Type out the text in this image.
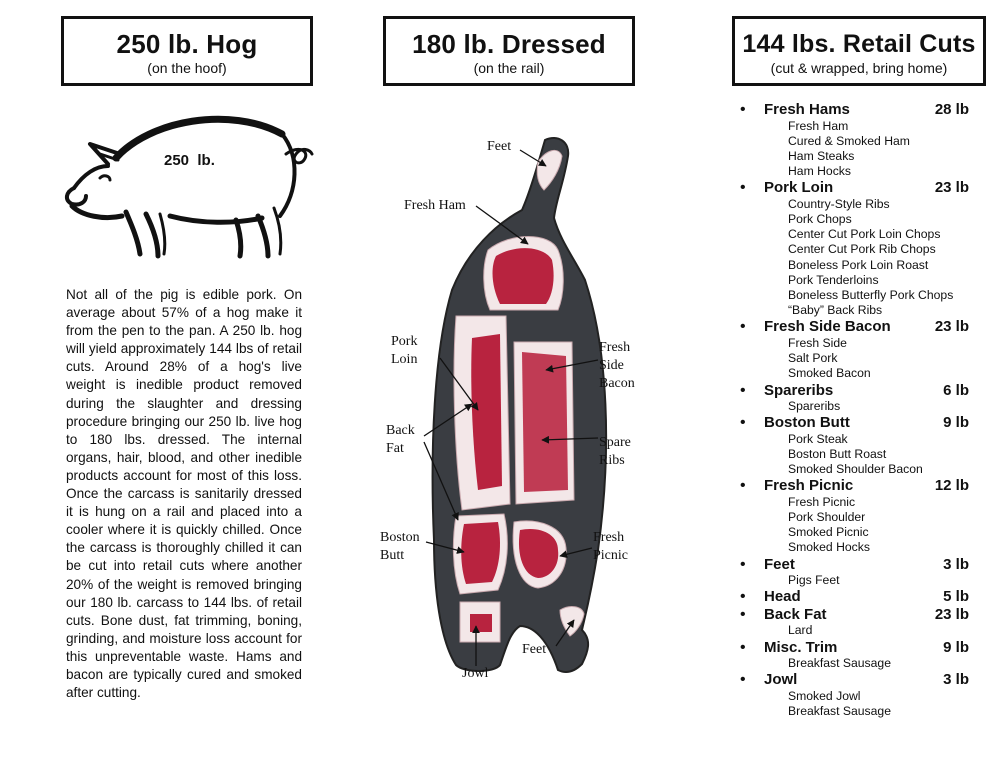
250 lb. Hog
(on the hoof)
180 lb. Dressed
(on the rail)
144 lbs. Retail Cuts
(cut & wrapped, bring home)
250  lb.

Not all of the pig is edible pork. On average about 57% of a hog make it from the pen to the pan. A 250 lb. hog will yield approximately 144 lbs of retail cuts. Around 28% of a hog's live weight is inedible product removed during the slaughter and dressing procedure bringing our 250 lb. live hog to 180 lbs. dressed. The internal organs, hair, blood, and other inedible products account for most of this loss. Once the carcass is sanitarily dressed it is hung on a rail and placed into a cooler where it is quickly chilled. Once the carcass is thoroughly chilled it can be cut into retail cuts where another 20% of the weight is removed bringing our 180 lb. carcass to 144 lbs. of retail cuts. Bone dust, fat trimming, boning, grinding, and moisture loss account for this unpreventable waste. Hams and bacon are typically cured and smoked after cutting.

Feet
Fresh Ham
Pork
Loin
Fresh
Side
Bacon
Back
Fat	Spare
Ribs
Boston
Butt
Fresh
Picnic
Feet
Jowl
• Fresh Hams	28 lb
Fresh Ham
Cured & Smoked Ham
Ham Steaks
Ham Hocks
• Pork Loin	23 lb
Country-Style Ribs
Pork Chops
Center Cut Pork Loin Chops
Center Cut Pork Rib Chops
Boneless Pork Loin Roast
Pork Tenderloins
Boneless Butterfly Pork Chops
“Baby” Back Ribs
• Fresh Side Bacon	23 lb
Fresh Side
Salt Pork
Smoked Bacon
• Spareribs	6 lb
Spareribs
• Boston Butt	9 lb
Pork Steak
Boston Butt Roast
Smoked Shoulder Bacon
• Fresh Picnic	12 lb
Fresh Picnic
Pork Shoulder
Smoked Picnic
Smoked Hocks
• Feet	3 lb
Pigs Feet
• Head	5 lb
• Back Fat	23 lb
Lard
• Misc. Trim	9 lb
Breakfast Sausage
• Jowl	3 lb
Smoked Jowl
Breakfast Sausage
